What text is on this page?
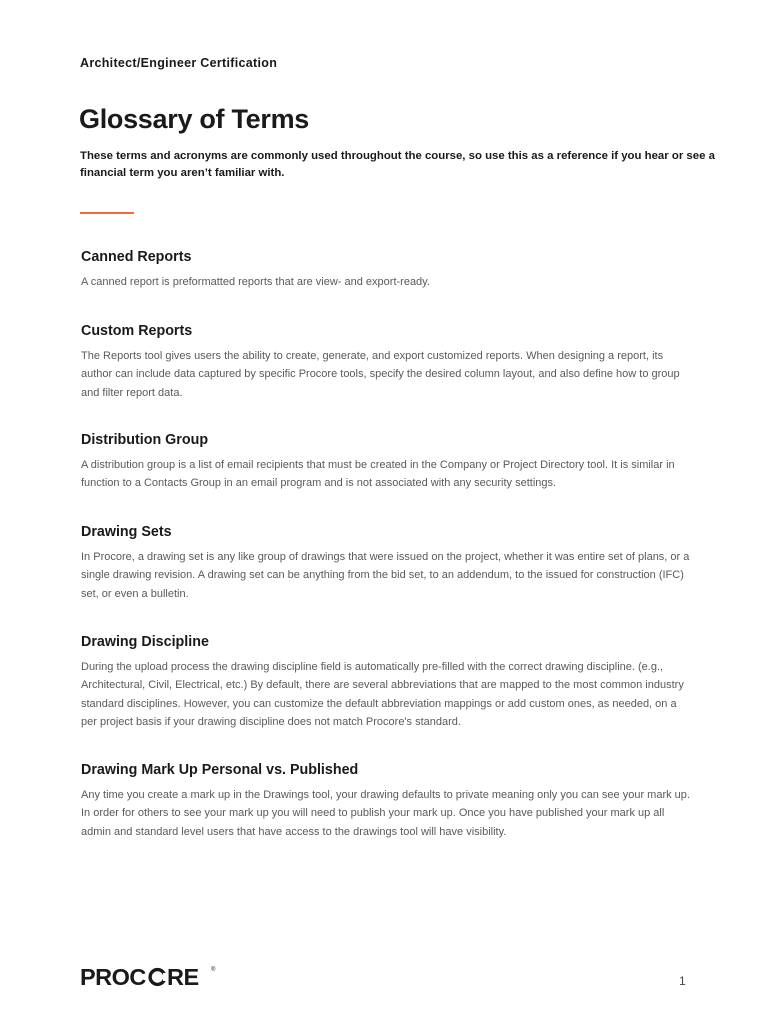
Architect/Engineer Certification
Glossary of Terms

These terms and acronyms are commonly used throughout the course, so use this as a reference if you hear or see a financial term you aren’t familiar with.

Canned Reports

A canned report is preformatted reports that are view- and export-ready.

Custom Reports

The Reports tool gives users the ability to create, generate, and export customized reports. When designing a report, its author can include data captured by specific Procore tools, specify the desired column layout, and also define how to group and filter report data.

Distribution Group

A distribution group is a list of email recipients that must be created in the Company or Project Directory tool. It is similar in function to a Contacts Group in an email program and is not associated with any security settings.

Drawing Sets

In Procore, a drawing set is any like group of drawings that were issued on the project, whether it was entire set of plans, or a single drawing revision. A drawing set can be anything from the bid set, to an addendum, to the issued for construction (IFC) set, or even a bulletin.

Drawing Discipline

During the upload process the drawing discipline field is automatically pre-filled with the correct drawing discipline. (e.g., Architectural, Civil, Electrical, etc.) By default, there are several abbreviations that are mapped to the most common industry standard disciplines. However, you can customize the default abbreviation mappings or add custom ones, as needed, on a per project basis if your drawing discipline does not match Procore's standard.

Drawing Mark Up Personal vs. Published

Any time you create a mark up in the Drawings tool, your drawing defaults to private meaning only you can see your mark up. In order for others to see your mark up you will need to publish your mark up. Once you have published your mark up all admin and standard level users that have access to the drawings tool will have visibility.

PROC RE ®
1
